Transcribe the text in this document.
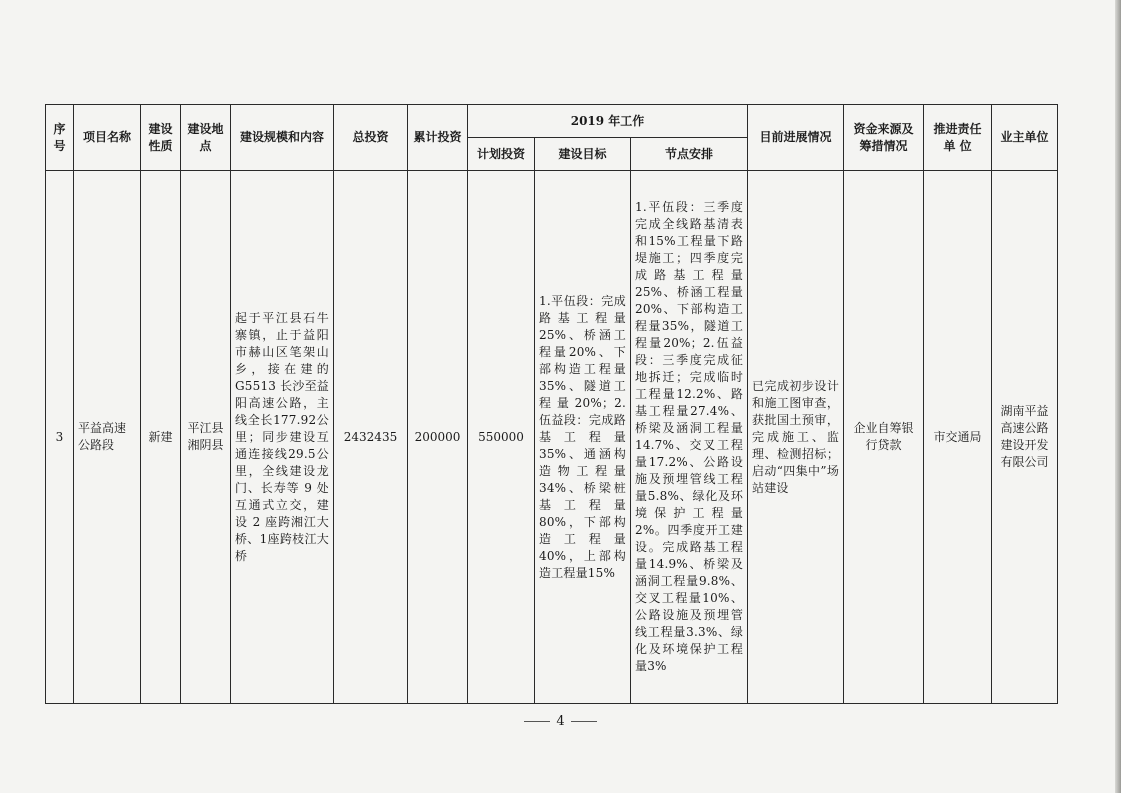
序号	项目名称	建设性质	建设地点	建设规模和内容	总投资	累计投资	2019 年工作			目前进展情况	资金来源及筹措情况	推进责任单 位	业主单位
							计划投资	建设目标	节点安排				
3	平益高速公路段	新建	平江县湘阴县	起于平江县石牛寨镇，止于益阳市赫山区笔架山乡，接在建的G5513 长沙至益阳高速公路，主线全长177.92公里；同步建设互通连接线29.5公里，全线建设龙门、长寿等 9 处互通式立交，建设 2 座跨湘江大桥、1座跨枝江大桥	2432435	200000	550000	1.平伍段：完成路基工程量25%、桥涵工程量20%、下部构造工程量35%、隧道工程量20%；2.伍益段：完成路基工程量35%、通涵构造物工程量34%、桥梁桩基工程量80%，下部构造工程量40%，上部构造工程量15%	1.平伍段：三季度完成全线路基清表和15%工程量下路堤施工；四季度完成路基工程量25%、桥涵工程量20%、下部构造工程量35%，隧道工程量20%；2.伍益段：三季度完成征地拆迁；完成临时工程量12.2%、路基工程量27.4%、桥梁及涵洞工程量14.7%、交叉工程量17.2%、公路设施及预埋管线工程量5.8%、绿化及环境保护工程量 2%。四季度开工建设。完成路基工程量14.9%、桥梁及涵洞工程量9.8%、交叉工程量10%、公路设施及预埋管线工程量3.3%、绿化及环境保护工程量3%	已完成初步设计和施工图审查，获批国土预审，完成施工、监理、检测招标；启动“四集中”场站建设	企业自筹银行贷款	市交通局	湖南平益高速公路建设开发有限公司
4
